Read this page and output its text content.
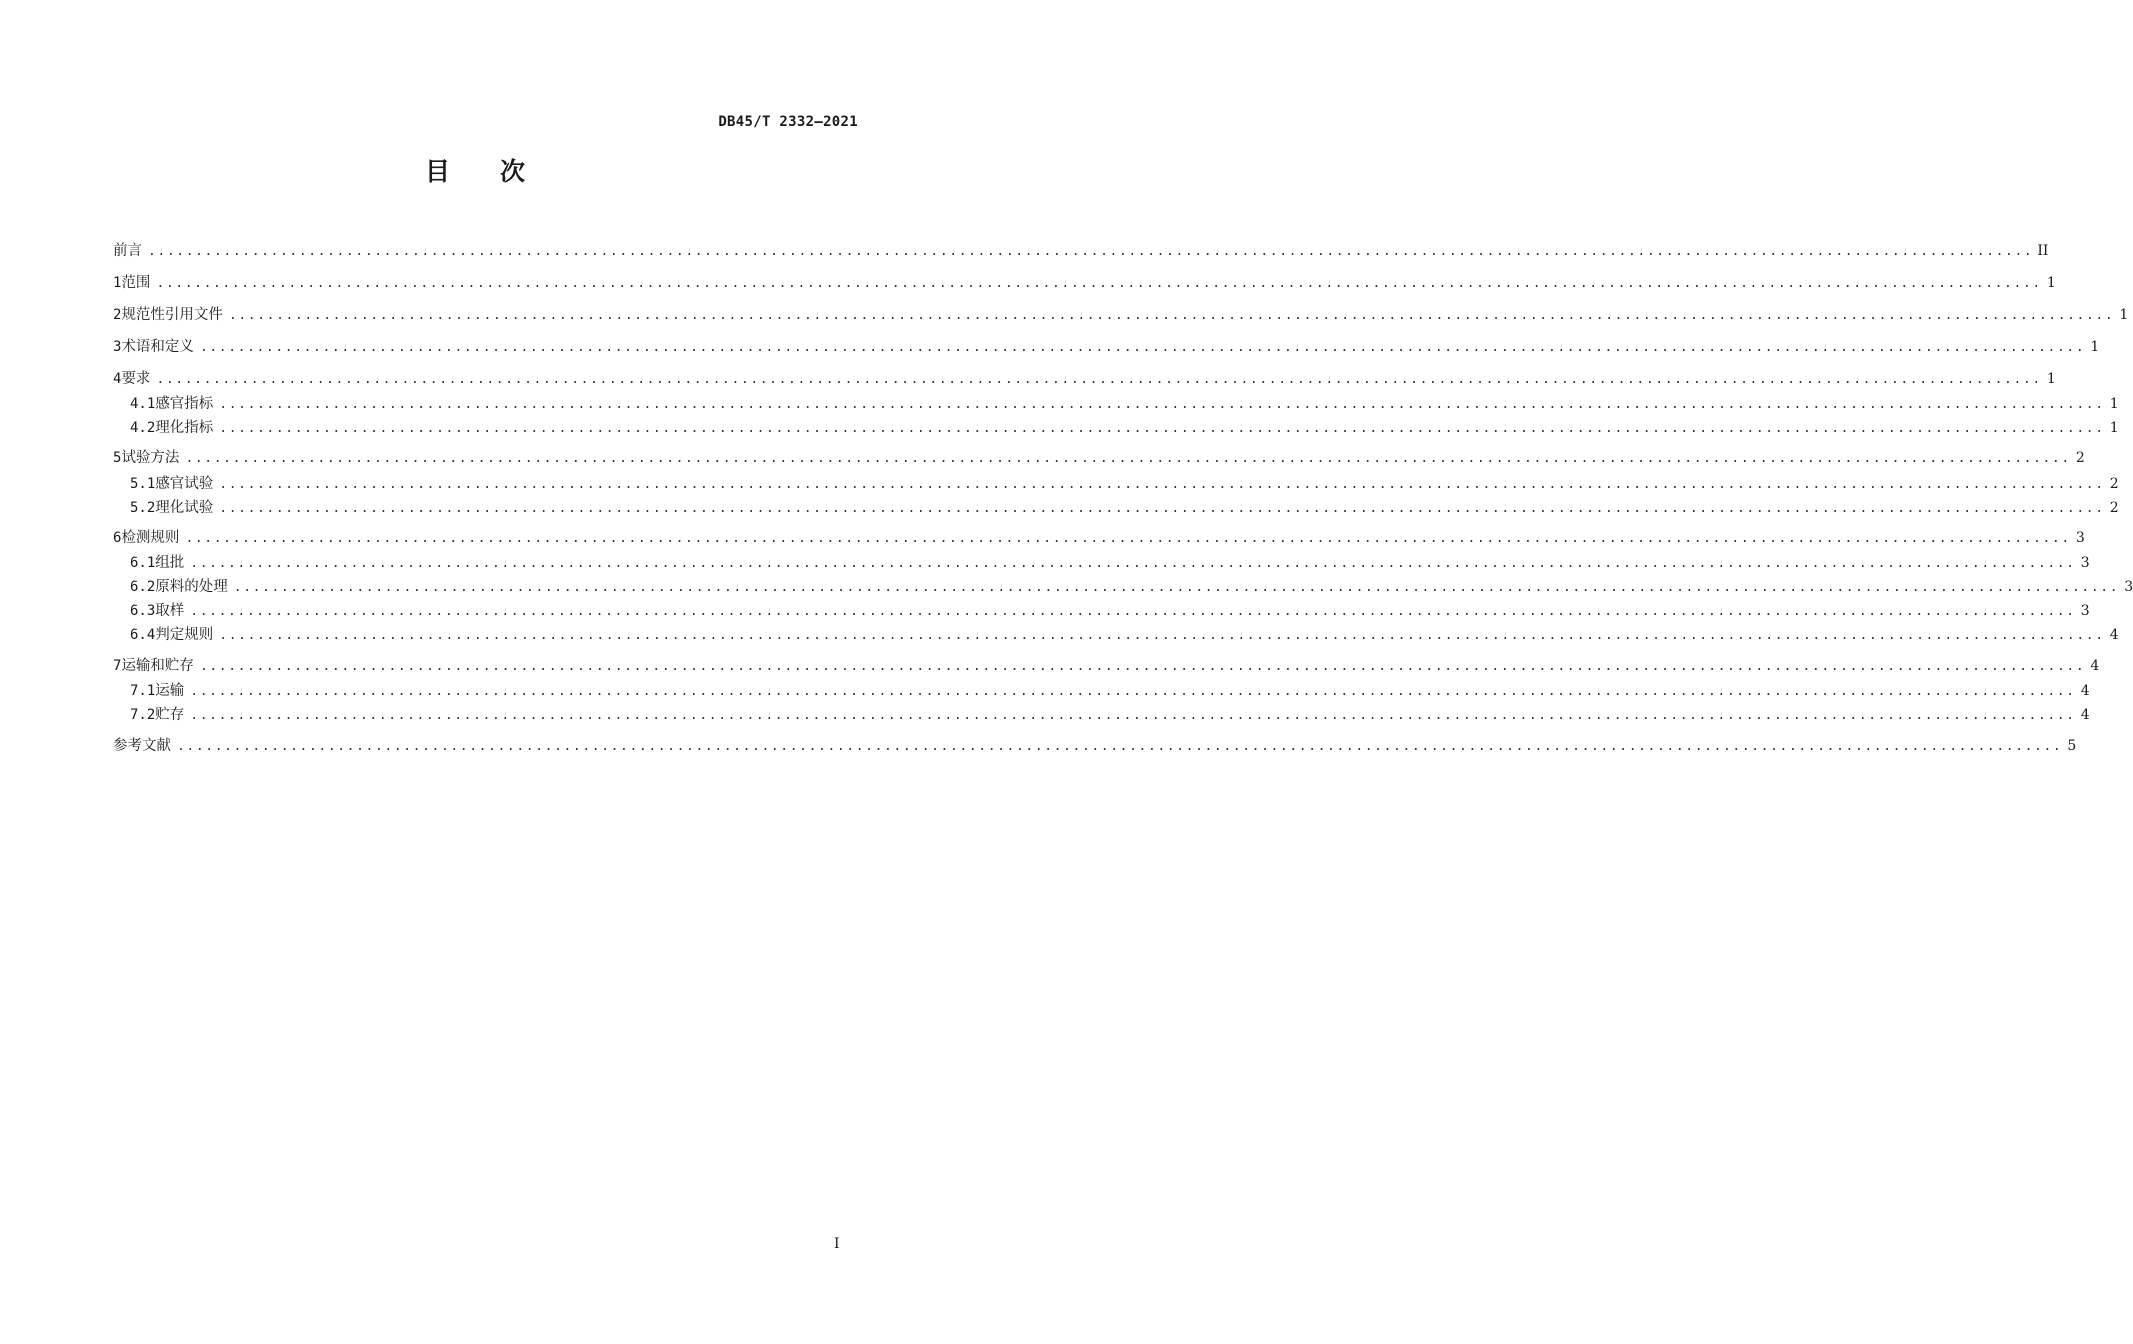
DB45/T 2332—2021
目 次
前言 ........................................................................................................................................................................................................ II
1 范围 ........................................................................................................................................................................................................ 1
2 规范性引用文件 ........................................................................................................................................................................................................ 1
3 术语和定义 ........................................................................................................................................................................................................ 1
4 要求 ........................................................................................................................................................................................................ 1
4.1 感官指标 ........................................................................................................................................................................................................ 1
4.2 理化指标 ........................................................................................................................................................................................................ 1
5 试验方法 ........................................................................................................................................................................................................ 2
5.1 感官试验 ........................................................................................................................................................................................................ 2
5.2 理化试验 ........................................................................................................................................................................................................ 2
6 检测规则 ........................................................................................................................................................................................................ 3
6.1 组批 ........................................................................................................................................................................................................ 3
6.2 原料的处理 ........................................................................................................................................................................................................ 3
6.3 取样 ........................................................................................................................................................................................................ 3
6.4 判定规则 ........................................................................................................................................................................................................ 4
7 运输和贮存 ........................................................................................................................................................................................................ 4
7.1 运输 ........................................................................................................................................................................................................ 4
7.2 贮存 ........................................................................................................................................................................................................ 4
参考文献 ........................................................................................................................................................................................................ 5
I
